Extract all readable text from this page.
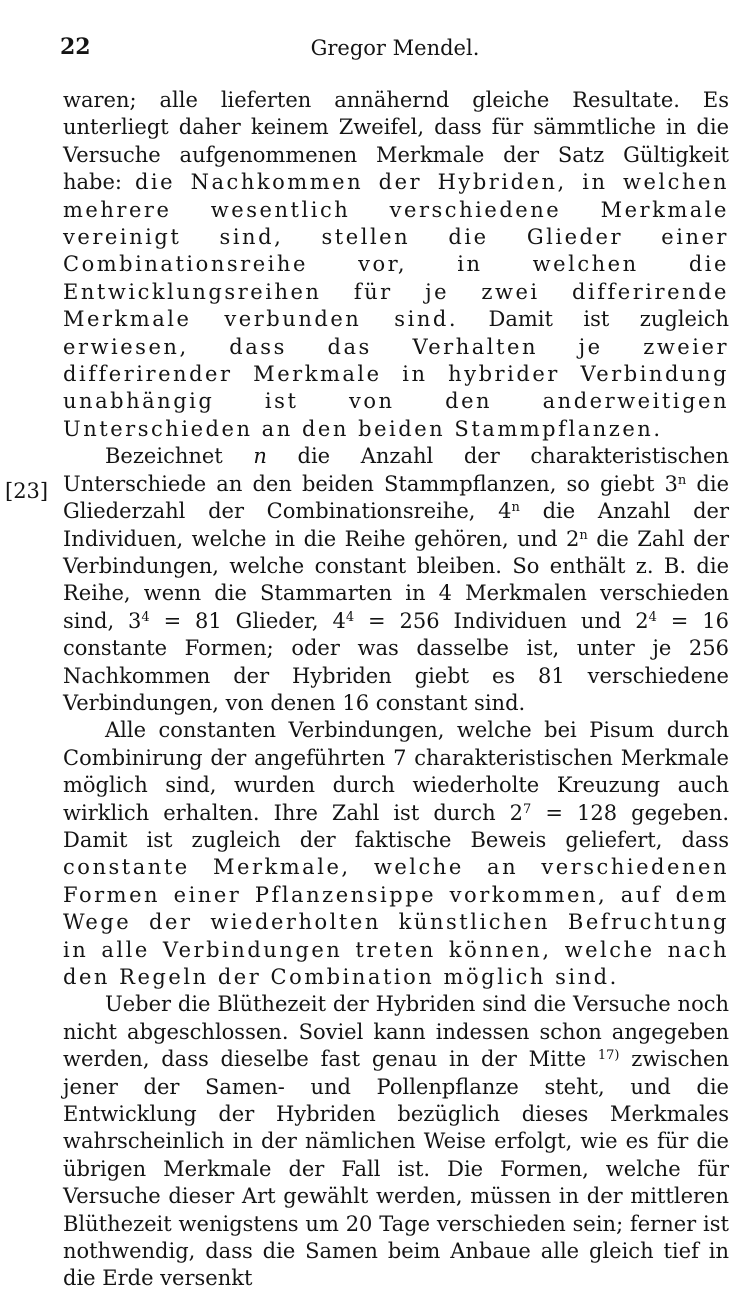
22	Gregor Mendel.
[23]

waren; alle lieferten annähernd gleiche Resultate. Es unterliegt daher keinem Zweifel, dass für sämmtliche in die Versuche aufgenommenen Merkmale der Satz Gültigkeit habe: die Nachkommen der Hybriden, in welchen mehrere wesentlich verschiedene Merkmale vereinigt sind, stellen die Glieder einer Combinationsreihe vor, in welchen die Entwicklungsreihen für je zwei differirende Merkmale verbunden sind. Damit ist zugleich erwiesen, dass das Verhalten je zweier differirender Merkmale in hybrider Verbindung unabhängig ist von den anderweitigen Unterschieden an den beiden Stammpflanzen.

Bezeichnet n die Anzahl der charakteristischen Unterschiede an den beiden Stammpflanzen, so giebt 3$^n$ die Gliederzahl der Combinationsreihe, 4$^n$ die Anzahl der Individuen, welche in die Reihe gehören, und 2$^n$ die Zahl der Verbindungen, welche constant bleiben. So enthält z. B. die Reihe, wenn die Stammarten in 4 Merkmalen verschieden sind, $3^4 = 81$ Glieder, $4^4 = 256$ Individuen und $2^4 = 16$ constante Formen; oder was dasselbe ist, unter je 256 Nachkommen der Hybriden giebt es 81 verschiedene Verbindungen, von denen 16 constant sind.

Alle constanten Verbindungen, welche bei Pisum durch Combinirung der angeführten 7 charakteristischen Merkmale möglich sind, wurden durch wiederholte Kreuzung auch wirklich erhalten. Ihre Zahl ist durch $2^7 = 128$ gegeben. Damit ist zugleich der faktische Beweis geliefert, dass constante Merkmale, welche an verschiedenen Formen einer Pflanzensippe vorkommen, auf dem Wege der wiederholten künstlichen Befruchtung in alle Verbindungen treten können, welche nach den Regeln der Combination möglich sind.

Ueber die Blüthezeit der Hybriden sind die Versuche noch nicht abgeschlossen. Soviel kann indessen schon angegeben werden, dass dieselbe fast genau in der Mitte $^{17)}$ zwischen jener der Samen- und Pollenpflanze steht, und die Entwicklung der Hybriden bezüglich dieses Merkmales wahrscheinlich in der nämlichen Weise erfolgt, wie es für die übrigen Merkmale der Fall ist. Die Formen, welche für Versuche dieser Art gewählt werden, müssen in der mittleren Blüthezeit wenigstens um 20 Tage verschieden sein; ferner ist nothwendig, dass die Samen beim Anbaue alle gleich tief in die Erde versenkt
